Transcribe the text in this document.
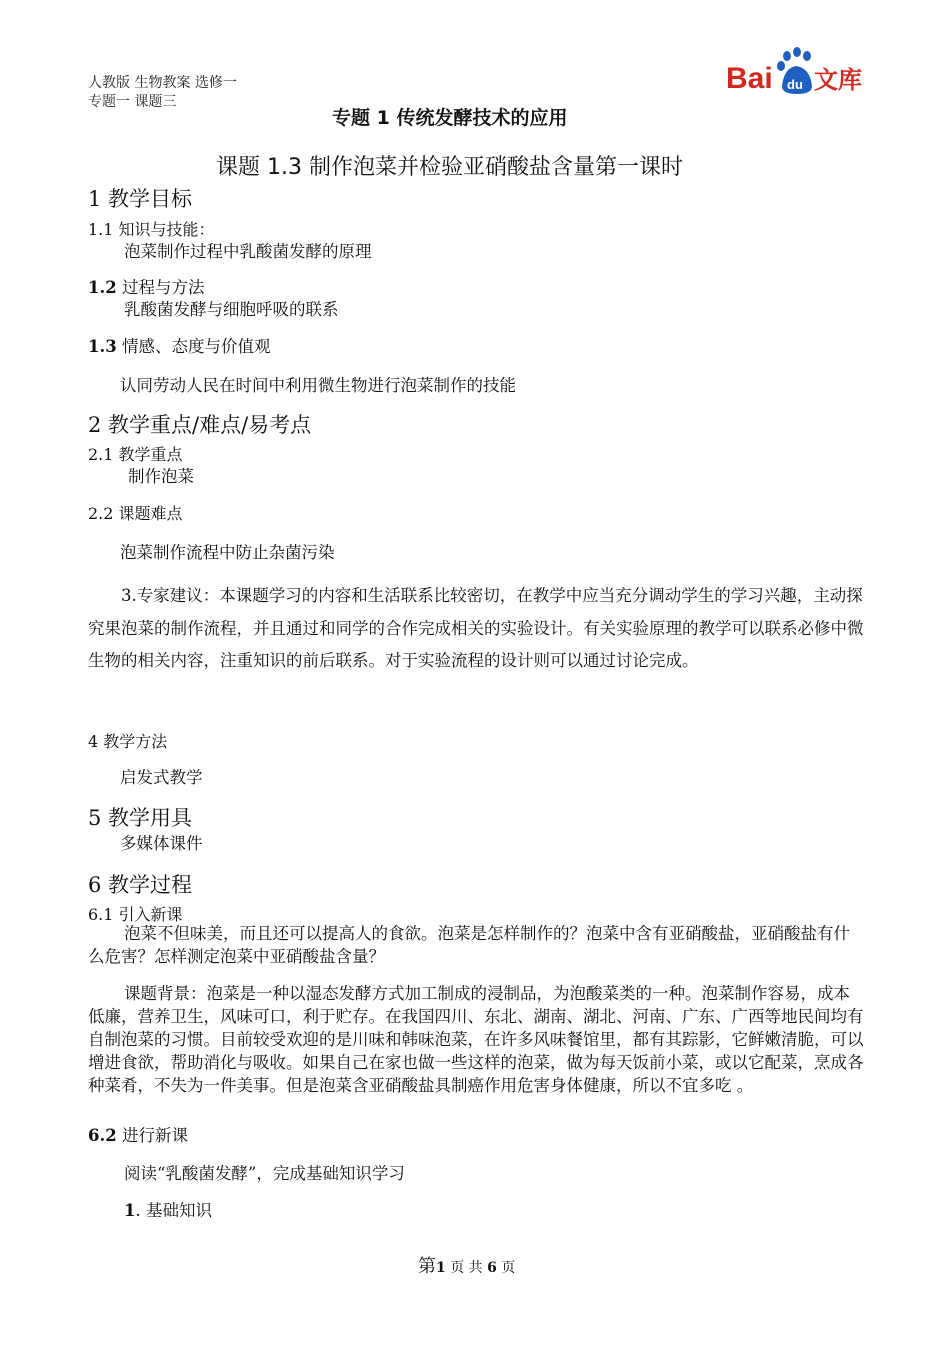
人教版 生物教案 选修一
专题一 课题三
Bai du 文库
专题 1 传统发酵技术的应用
课题 1.3 制作泡菜并检验亚硝酸盐含量第一课时
1 教学目标
1.1 知识与技能：
泡菜制作过程中乳酸菌发酵的原理
1.2 过程与方法
乳酸菌发酵与细胞呼吸的联系
1.3 情感、态度与价值观
认同劳动人民在时间中利用微生物进行泡菜制作的技能
2 教学重点/难点/易考点
2.1 教学重点
制作泡菜
2.2 课题难点
泡菜制作流程中防止杂菌污染
3.专家建议：本课题学习的内容和生活联系比较密切，在教学中应当充分调动学生的学习兴趣，主动探究果泡菜的制作流程，并且通过和同学的合作完成相关的实验设计。有关实验原理的教学可以联系必修中微生物的相关内容，注重知识的前后联系。对于实验流程的设计则可以通过讨论完成。
4 教学方法
启发式教学
5 教学用具
多媒体课件
6 教学过程
6.1 引入新课
泡菜不但味美，而且还可以提高人的食欲。泡菜是怎样制作的？泡菜中含有亚硝酸盐，亚硝酸盐有什么危害？怎样测定泡菜中亚硝酸盐含量？
课题背景：泡菜是一种以湿态发酵方式加工制成的浸制品，为泡酸菜类的一种。泡菜制作容易，成本低廉，营养卫生，风味可口，利于贮存。在我国四川、东北、湖南、湖北、河南、广东、广西等地民间均有自制泡菜的习惯。目前较受欢迎的是川味和韩味泡菜，在许多风味餐馆里，都有其踪影，它鲜嫩清脆，可以增进食欲，帮助消化与吸收。如果自己在家也做一些这样的泡菜，做为每天饭前小菜，或以它配菜，烹成各种菜肴，不失为一件美事。但是泡菜含亚硝酸盐具制癌作用危害身体健康，所以不宜多吃 。
6.2 进行新课
阅读“乳酸菌发酵”，完成基础知识学习
1. 基础知识
第1 页 共 6 页
